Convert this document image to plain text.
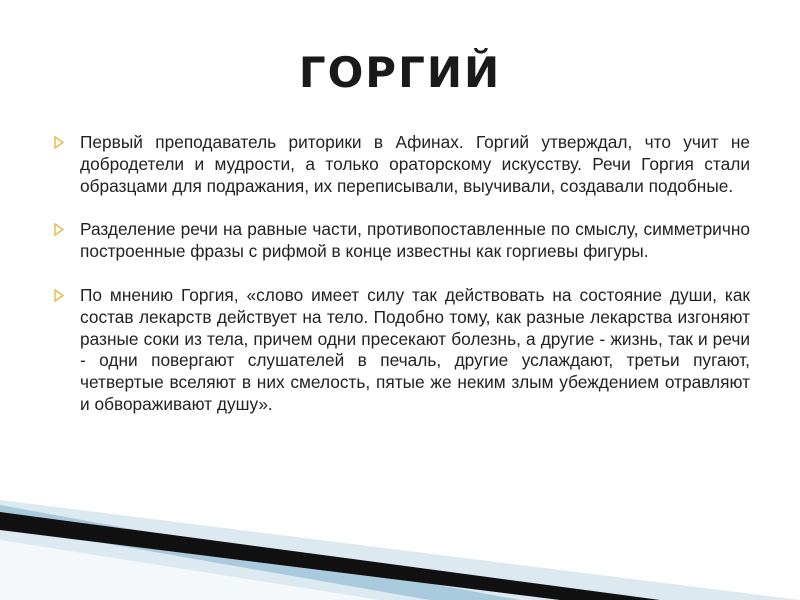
ГОРГИЙ
Первый преподаватель риторики в Афинах. Горгий утверждал, что учит не добродетели и мудрости, а только ораторскому искусству. Речи Горгия стали образцами для подражания, их переписывали, выучивали, создавали подобные.
Разделение речи на равные части, противопоставленные по смыслу, симметрично построенные фразы с рифмой в конце известны как горгиевы фигуры.
По мнению Горгия, «слово имеет силу так действовать на состояние души, как состав лекарств действует на тело. Подобно тому, как разные лекарства изгоняют разные соки из тела, причем одни пресекают болезнь, а другие - жизнь, так и речи - одни повергают слушателей в печаль, другие услаждают, третьи пугают, четвертые вселяют в них смелость, пятые же неким злым убеждением отравляют и обвораживают душу».
